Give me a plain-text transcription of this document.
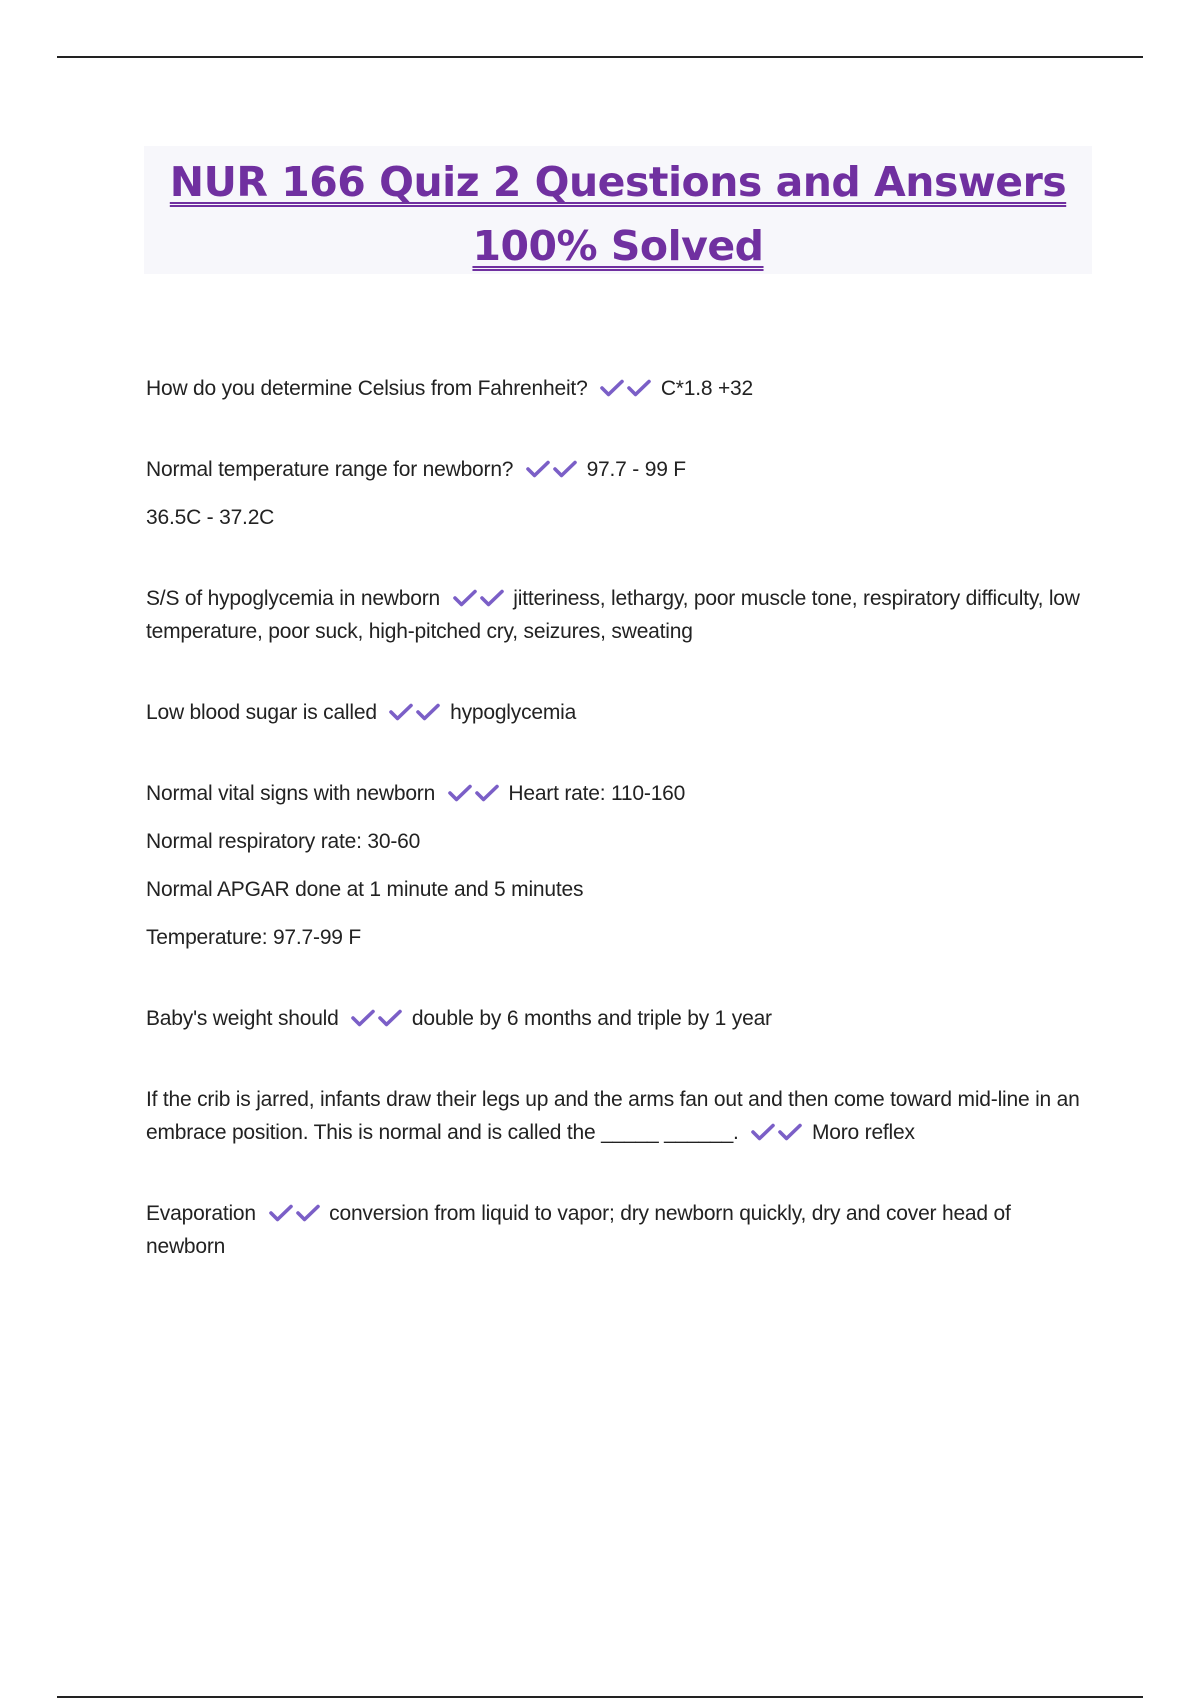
NUR 166 Quiz 2 Questions and Answers
100% Solved

How do you determine Celsius from Fahrenheit?	C*1.8 +32

Normal temperature range for newborn?	97.7 - 99 F

36.5C - 37.2C

S/S of hypoglycemia in newborn	jitteriness, lethargy, poor muscle tone, respiratory difficulty, low temperature, poor suck, high-pitched cry, seizures, sweating

Low blood sugar is called	hypoglycemia

Normal vital signs with newborn	Heart rate: 110-160

Normal respiratory rate: 30-60

Normal APGAR done at 1 minute and 5 minutes

Temperature: 97.7-99 F

Baby's weight should	double by 6 months and triple by 1 year

If the crib is jarred, infants draw their legs up and the arms fan out and then come toward mid-line in an embrace position. This is normal and is called the _____ ______.	Moro reflex

Evaporation	conversion from liquid to vapor; dry newborn quickly, dry and cover head of newborn
